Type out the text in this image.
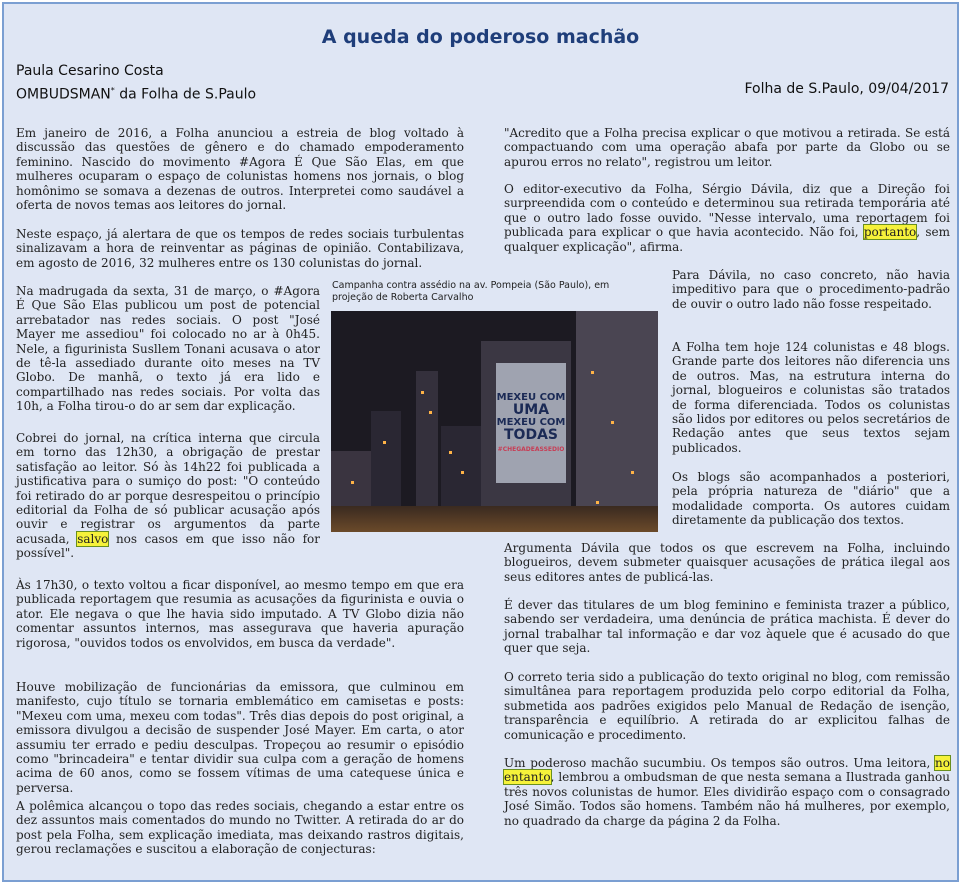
A queda do poderoso machão
Paula Cesarino Costa
OMBUDSMAN* da Folha de S.Paulo	Folha de S.Paulo, 09/04/2017

Em janeiro de 2016, a Folha anunciou a estreia de blog voltado à discussão das questões de gênero e do chamado empoderamento feminino. Nascido do movimento #Agora É Que São Elas, em que mulheres ocuparam o espaço de colunistas homens nos jornais, o blog homônimo se somava a dezenas de outros. Interpretei como saudável a oferta de novos temas aos leitores do jornal.

Neste espaço, já alertara de que os tempos de redes sociais turbulentas sinalizavam a hora de reinventar as páginas de opinião. Contabilizava, em agosto de 2016, 32 mulheres entre os 130 colunistas do jornal.

Na madrugada da sexta, 31 de março, o #Agora É Que São Elas publicou um post de potencial arrebatador nas redes sociais. O post "José Mayer me assediou" foi colocado no ar à 0h45. Nele, a figurinista Susllem Tonani acusava o ator de tê-la assediado durante oito meses na TV Globo. De manhã, o texto já era lido e compartilhado nas redes sociais. Por volta das 10h, a Folha tirou-o do ar sem dar explicação.

Cobrei do jornal, na crítica interna que circula em torno das 12h30, a obrigação de prestar satisfação ao leitor. Só às 14h22 foi publicada a justificativa para o sumiço do post: "O conteúdo foi retirado do ar porque desrespeitou o princípio editorial da Folha de só publicar acusação após ouvir e registrar os argumentos da parte acusada, salvo nos casos em que isso não for possível".

Às 17h30, o texto voltou a ficar disponível, ao mesmo tempo em que era publicada reportagem que resumia as acusações da figurinista e ouvia o ator. Ele negava o que lhe havia sido imputado. A TV Globo dizia não comentar assuntos internos, mas assegurava que haveria apuração rigorosa, "ouvidos todos os envolvidos, em busca da verdade".

Houve mobilização de funcionárias da emissora, que culminou em manifesto, cujo título se tornaria emblemático em camisetas e posts: "Mexeu com uma, mexeu com todas". Três dias depois do post original, a emissora divulgou a decisão de suspender José Mayer. Em carta, o ator assumiu ter errado e pediu desculpas. Tropeçou ao resumir o episódio como "brincadeira" e tentar dividir sua culpa com a geração de homens acima de 60 anos, como se fossem vítimas de uma catequese única e perversa.

A polêmica alcançou o topo das redes sociais, chegando a estar entre os dez assuntos mais comentados do mundo no Twitter. A retirada do ar do post pela Folha, sem explicação imediata, mas deixando rastros digitais, gerou reclamações e suscitou a elaboração de conjecturas:

Campanha contra assédio na av. Pompeia (São Paulo), em projeção de Roberta Carvalho
MEXEU COM
UMA
MEXEU COM
TODAS
#CHEGADEASSEDIO

"Acredito que a Folha precisa explicar o que motivou a retirada. Se está compactuando com uma operação abafa por parte da Globo ou se apurou erros no relato", registrou um leitor.

O editor-executivo da Folha, Sérgio Dávila, diz que a Direção foi surpreendida com o conteúdo e determinou sua retirada temporária até que o outro lado fosse ouvido. "Nesse intervalo, uma reportagem foi publicada para explicar o que havia acontecido. Não foi, portanto, sem qualquer explicação", afirma.

Para Dávila, no caso concreto, não havia impeditivo para que o procedimento-padrão de ouvir o outro lado não fosse respeitado.

A Folha tem hoje 124 colunistas e 48 blogs. Grande parte dos leitores não diferencia uns de outros. Mas, na estrutura interna do jornal, blogueiros e colunistas são tratados de forma diferenciada. Todos os colunistas são lidos por editores ou pelos secretários de Redação antes que seus textos sejam publicados.

Os blogs são acompanhados a posteriori, pela própria natureza de "diário" que a modalidade comporta. Os autores cuidam diretamente da publicação dos textos.

Argumenta Dávila que todos os que escrevem na Folha, incluindo blogueiros, devem submeter quaisquer acusações de prática ilegal aos seus editores antes de publicá-las.

É dever das titulares de um blog feminino e feminista trazer a público, sabendo ser verdadeira, uma denúncia de prática machista. É dever do jornal trabalhar tal informação e dar voz àquele que é acusado do que quer que seja.

O correto teria sido a publicação do texto original no blog, com remissão simultânea para reportagem produzida pelo corpo editorial da Folha, submetida aos padrões exigidos pelo Manual de Redação de isenção, transparência e equilíbrio. A retirada do ar explicitou falhas de comunicação e procedimento.

Um poderoso machão sucumbiu. Os tempos são outros. Uma leitora, no entanto, lembrou a ombudsman de que nesta semana a Ilustrada ganhou três novos colunistas de humor. Eles dividirão espaço com o consagrado José Simão. Todos são homens. Também não há mulheres, por exemplo, no quadrado da charge da página 2 da Folha.
